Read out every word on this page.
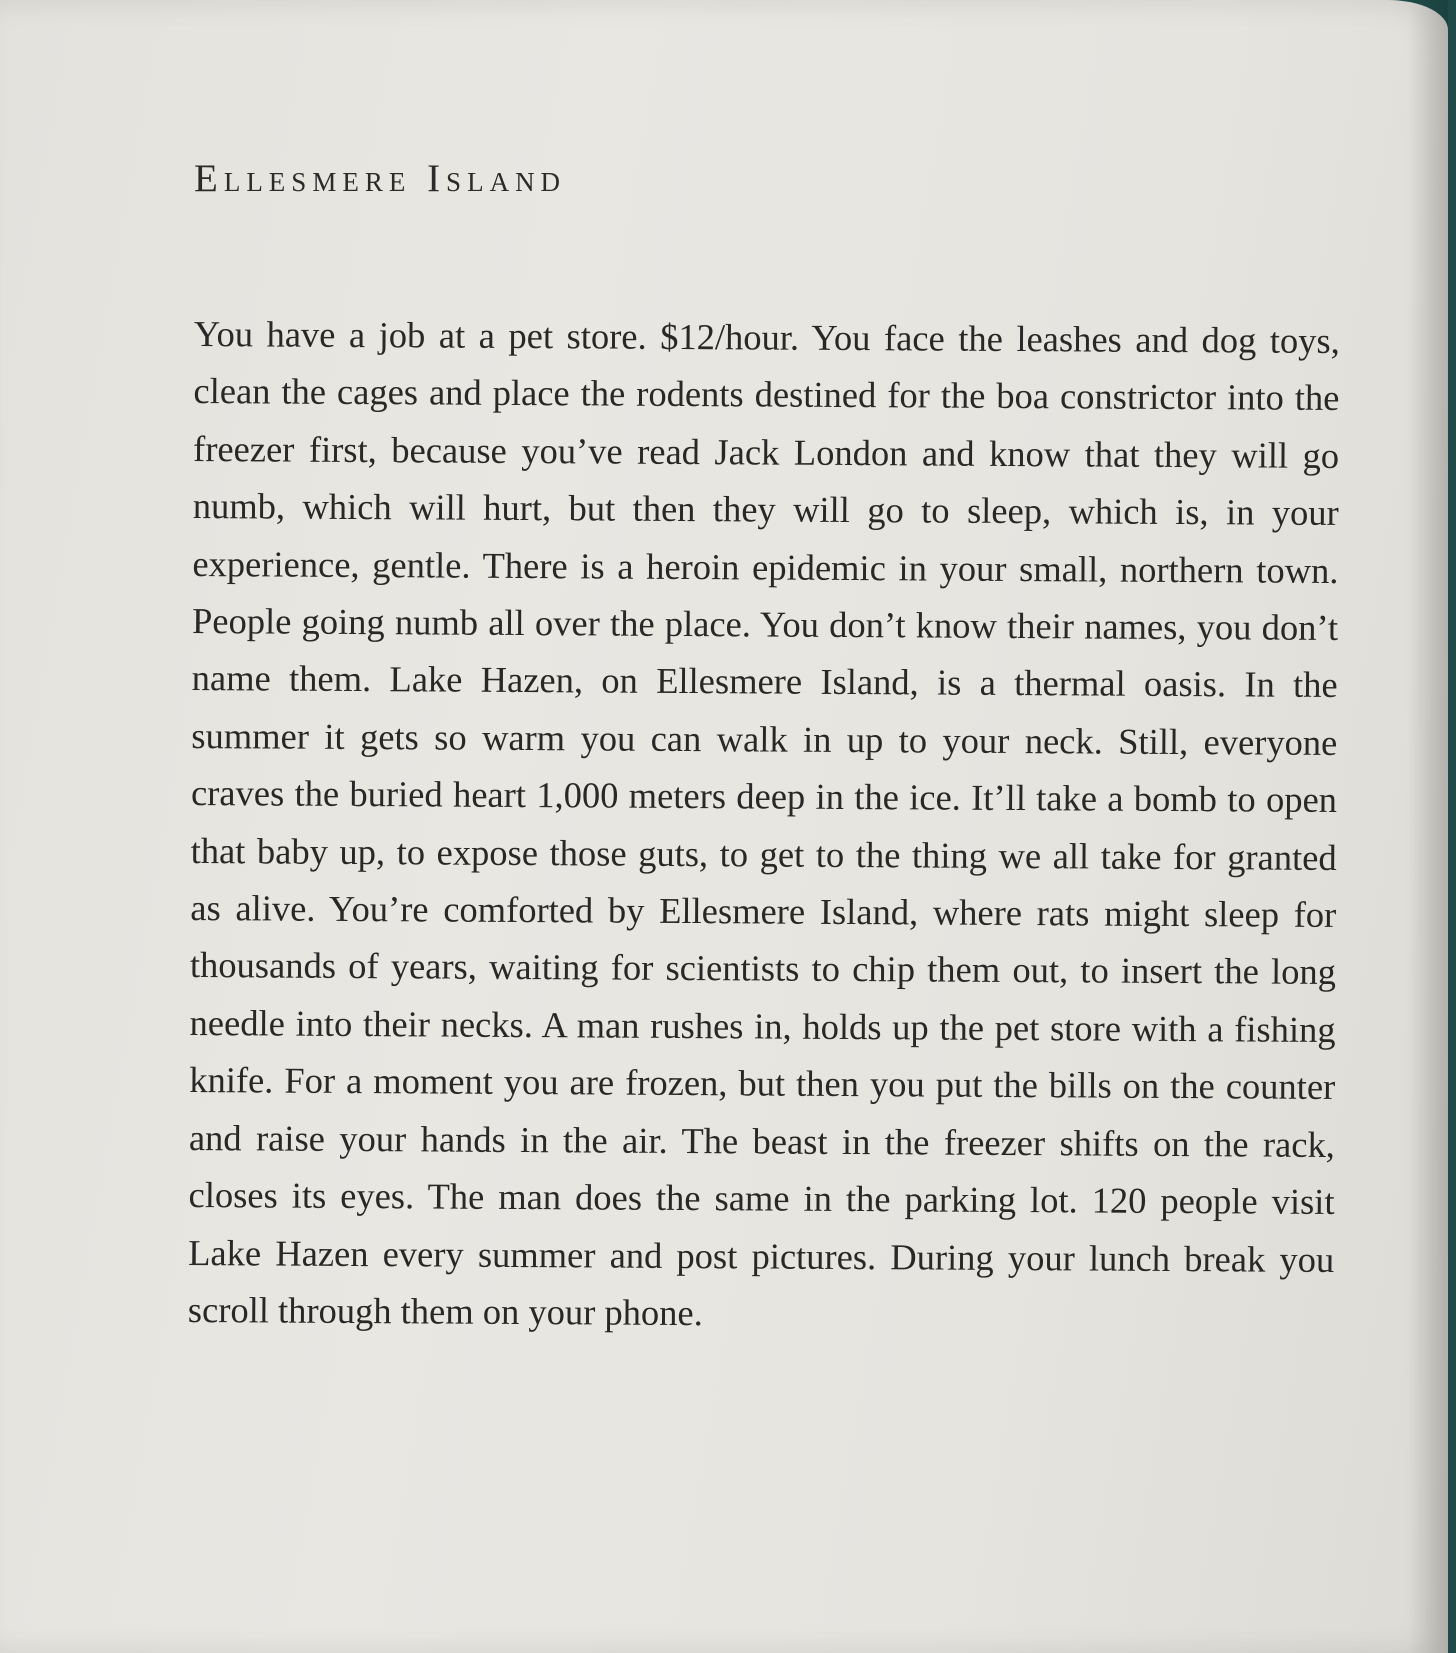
Ellesmere Island

You have a job at a pet store. $12/hour. You face the leashes and dog toys, clean the cages and place the rodents destined for the boa constrictor into the freezer first, because you’ve read Jack London and know that they will go numb, which will hurt, but then they will go to sleep, which is, in your experience, gentle. There is a heroin epidemic in your small, northern town. People going numb all over the place. You don’t know their names, you don’t name them. Lake Hazen, on Ellesmere Island, is a thermal oasis. In the summer it gets so warm you can walk in up to your neck. Still, everyone craves the buried heart 1,000 meters deep in the ice. It’ll take a bomb to open that baby up, to expose those guts, to get to the thing we all take for granted as alive. You’re comforted by Ellesmere Island, where rats might sleep for thousands of years, waiting for scientists to chip them out, to insert the long needle into their necks. A man rushes in, holds up the pet store with a fishing knife. For a moment you are frozen, but then you put the bills on the counter and raise your hands in the air. The beast in the freezer shifts on the rack, closes its eyes. The man does the same in the parking lot. 120 people visit Lake Hazen every summer and post pictures. During your lunch break you scroll through them on your phone.
